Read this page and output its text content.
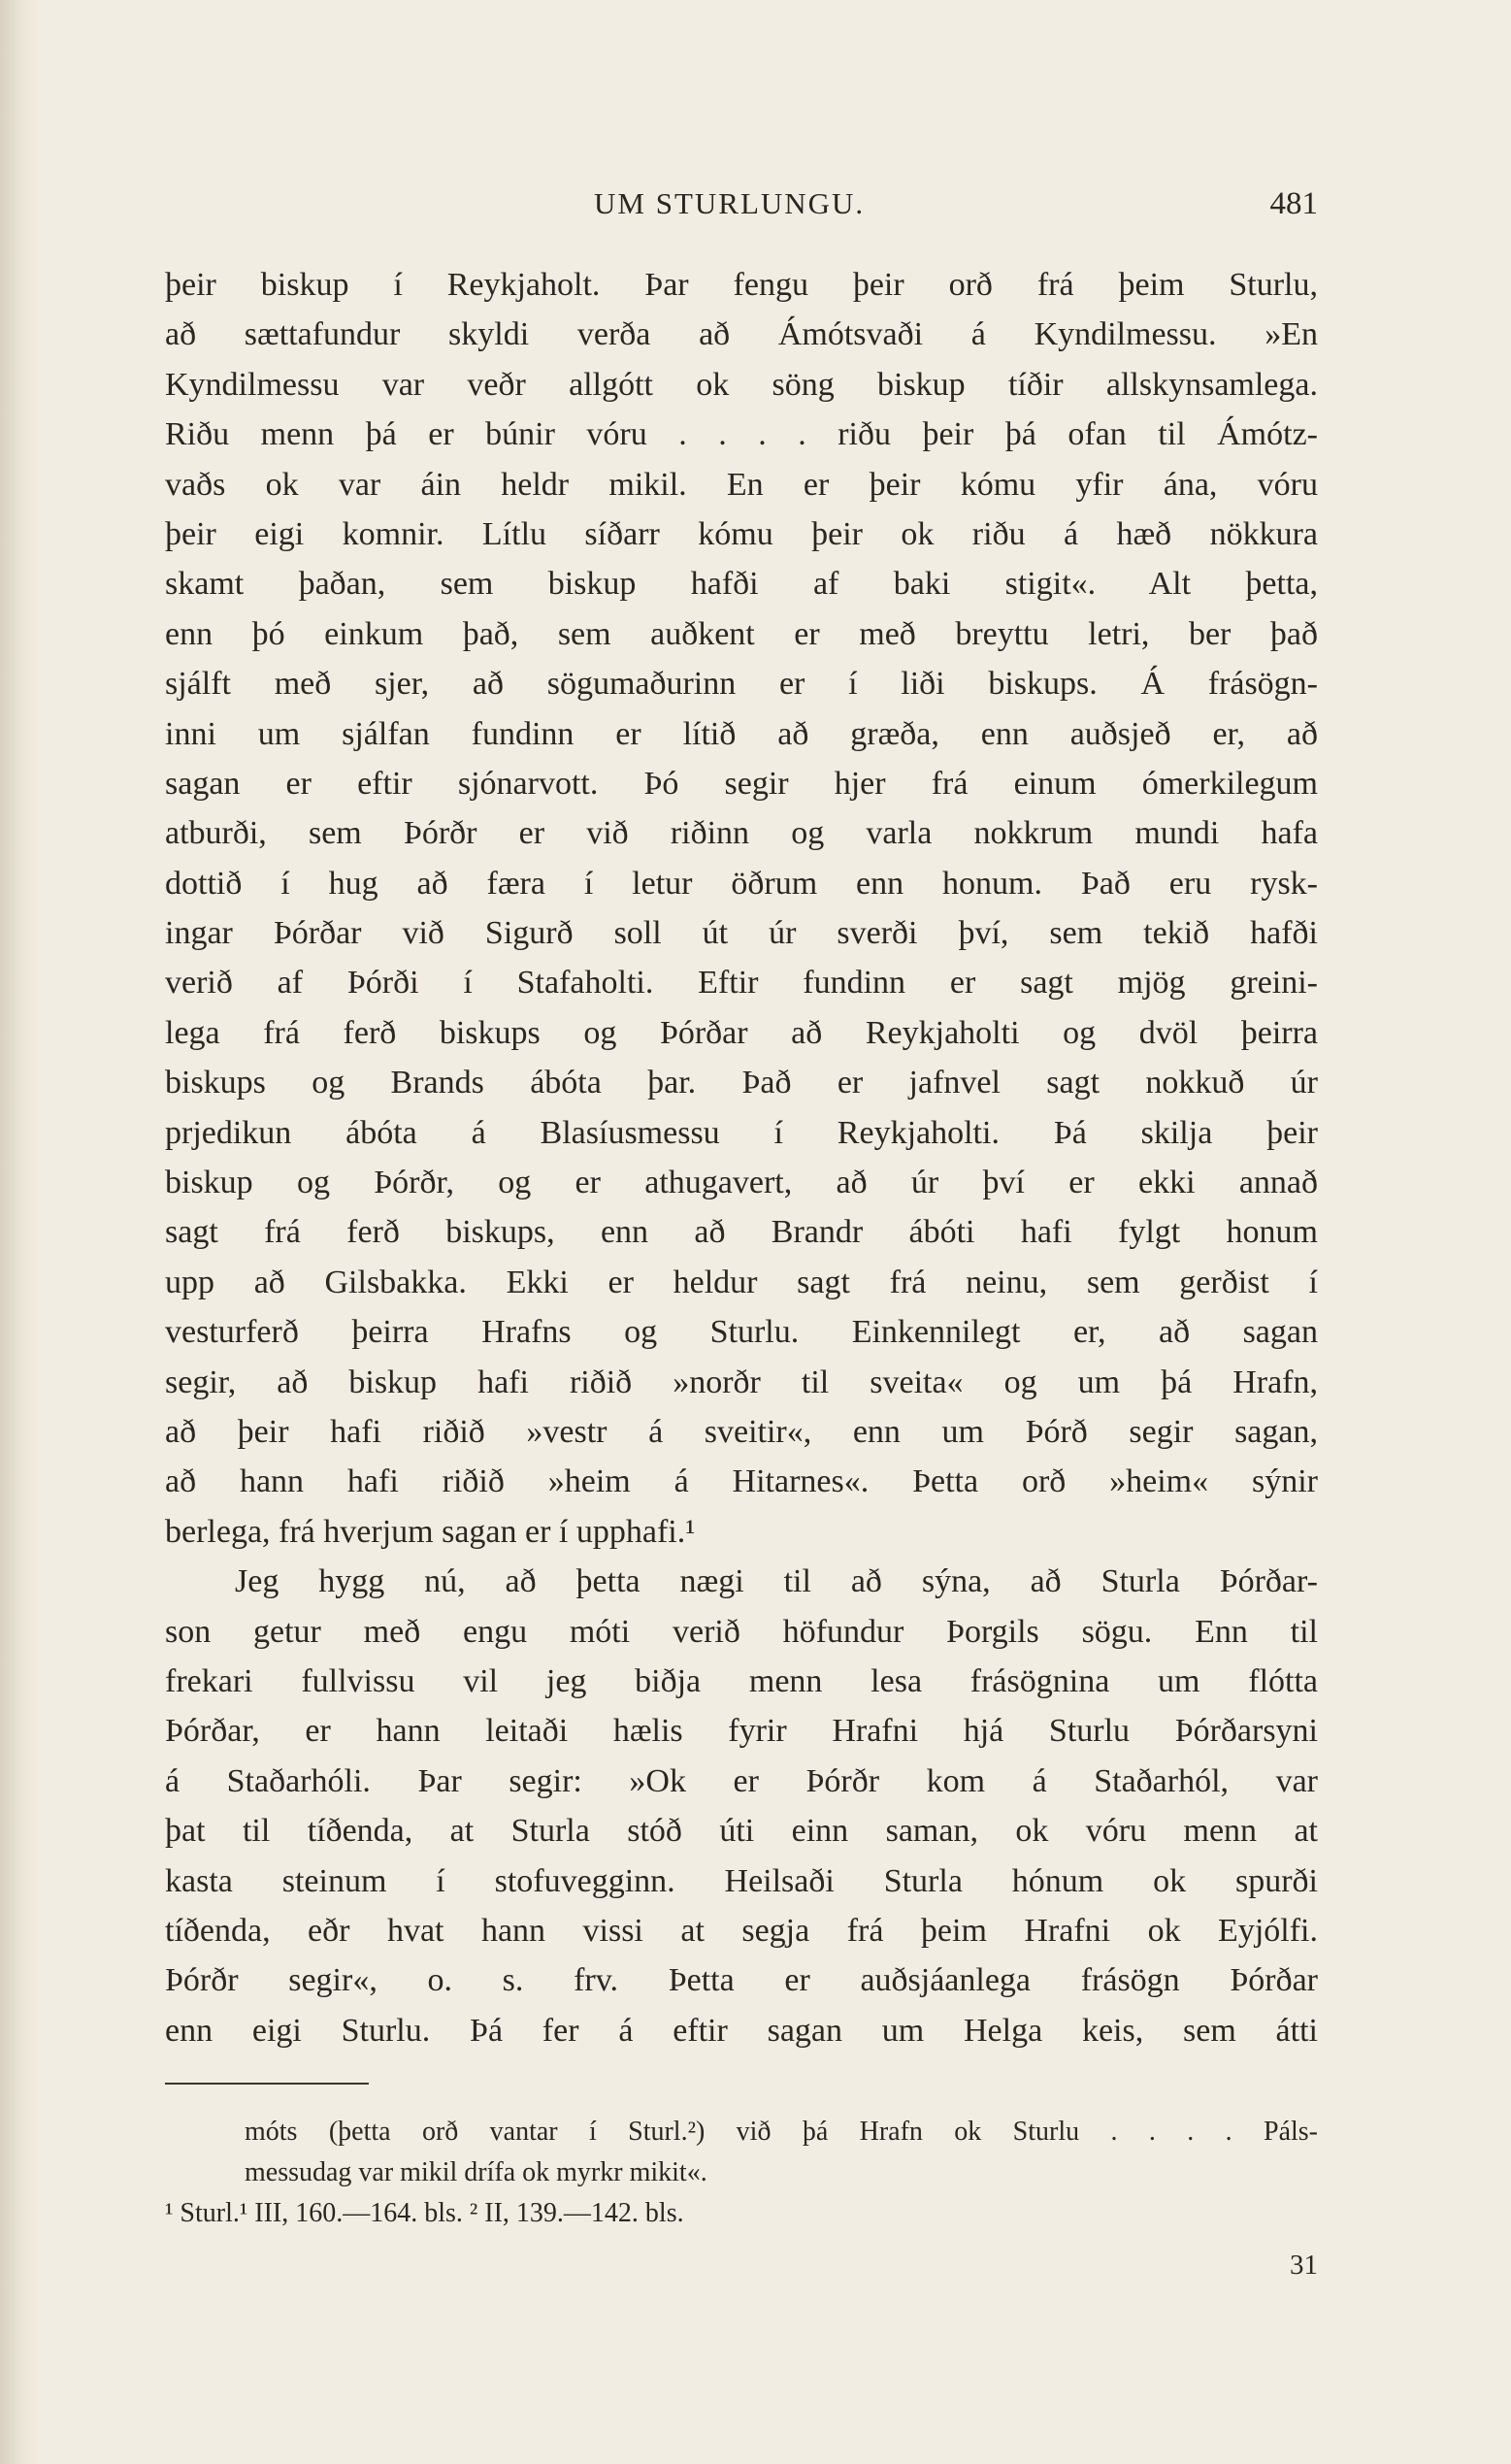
UM STURLUNGU.	481
þeir biskup í Reykjaholt. Þar fengu þeir orð frá þeim Sturlu,
að sættafundur skyldi verða að Ámótsvaði á Kyndilmessu. »En
Kyndilmessu var veðr allgótt ok söng biskup tíðir allskynsamlega.
Riðu menn þá er búnir vóru . . . . riðu þeir þá ofan til Ámótz-
vaðs ok var áin heldr mikil. En er þeir kómu yfir ána, vóru
þeir eigi komnir. Lítlu síðarr kómu þeir ok riðu á hæð nökkura
skamt þaðan, sem biskup hafði af baki stigit«. Alt þetta,
enn þó einkum það, sem auðkent er með breyttu letri, ber það
sjálft með sjer, að sögumaðurinn er í liði biskups. Á frásögn-
inni um sjálfan fundinn er lítið að græða, enn auðsjeð er, að
sagan er eftir sjónarvott. Þó segir hjer frá einum ómerkilegum
atburði, sem Þórðr er við riðinn og varla nokkrum mundi hafa
dottið í hug að færa í letur öðrum enn honum. Það eru rysk-
ingar Þórðar við Sigurð soll út úr sverði því, sem tekið hafði
verið af Þórði í Stafaholti. Eftir fundinn er sagt mjög greini-
lega frá ferð biskups og Þórðar að Reykjaholti og dvöl þeirra
biskups og Brands ábóta þar. Það er jafnvel sagt nokkuð úr
prjedikun ábóta á Blasíusmessu í Reykjaholti. Þá skilja þeir
biskup og Þórðr, og er athugavert, að úr því er ekki annað
sagt frá ferð biskups, enn að Brandr ábóti hafi fylgt honum
upp að Gilsbakka. Ekki er heldur sagt frá neinu, sem gerðist í
vesturferð þeirra Hrafns og Sturlu. Einkennilegt er, að sagan
segir, að biskup hafi riðið »norðr til sveita« og um þá Hrafn,
að þeir hafi riðið »vestr á sveitir«, enn um Þórð segir sagan,
að hann hafi riðið »heim á Hitarnes«. Þetta orð »heim« sýnir
berlega, frá hverjum sagan er í upphafi.¹
Jeg hygg nú, að þetta nægi til að sýna, að Sturla Þórðar-
son getur með engu móti verið höfundur Þorgils sögu. Enn til
frekari fullvissu vil jeg biðja menn lesa frásögnina um flótta
Þórðar, er hann leitaði hælis fyrir Hrafni hjá Sturlu Þórðarsyni
á Staðarhóli. Þar segir: »Ok er Þórðr kom á Staðarhól, var
þat til tíðenda, at Sturla stóð úti einn saman, ok vóru menn at
kasta steinum í stofuvegginn. Heilsaði Sturla hónum ok spurði
tíðenda, eðr hvat hann vissi at segja frá þeim Hrafni ok Eyjólfi.
Þórðr segir«, o. s. frv. Þetta er auðsjáanlega frásögn Þórðar
enn eigi Sturlu. Þá fer á eftir sagan um Helga keis, sem átti
móts (þetta orð vantar í Sturl.²) við þá Hrafn ok Sturlu . . . . Páls-
messudag var mikil drífa ok myrkr mikit«.
¹ Sturl.¹ III, 160.—164. bls. ² II, 139.—142. bls.
31
